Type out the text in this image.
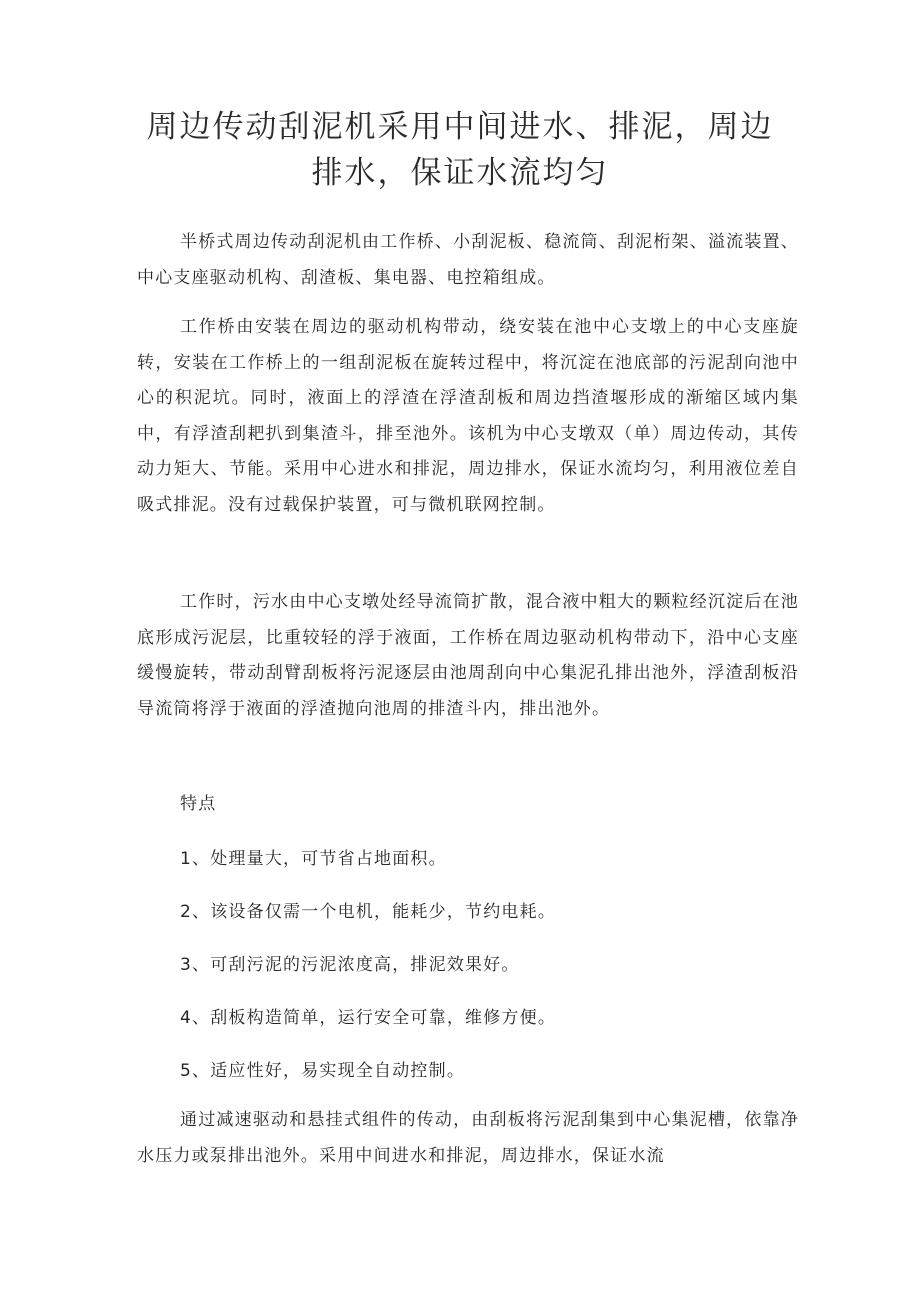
周边传动刮泥机采用中间进水、排泥，周边
排水，保证水流均匀

半桥式周边传动刮泥机由工作桥、小刮泥板、稳流筒、刮泥桁架、溢流装置、中心支座驱动机构、刮渣板、集电器、电控箱组成。

工作桥由安装在周边的驱动机构带动，绕安装在池中心支墩上的中心支座旋转，安装在工作桥上的一组刮泥板在旋转过程中，将沉淀在池底部的污泥刮向池中心的积泥坑。同时，液面上的浮渣在浮渣刮板和周边挡渣堰形成的渐缩区域内集中，有浮渣刮耙扒到集渣斗，排至池外。该机为中心支墩双（单）周边传动，其传动力矩大、节能。采用中心进水和排泥，周边排水，保证水流均匀，利用液位差自吸式排泥。没有过载保护装置，可与微机联网控制。

工作时，污水由中心支墩处经导流筒扩散，混合液中粗大的颗粒经沉淀后在池底形成污泥层，比重较轻的浮于液面，工作桥在周边驱动机构带动下，沿中心支座缓慢旋转，带动刮臂刮板将污泥逐层由池周刮向中心集泥孔排出池外，浮渣刮板沿导流筒将浮于液面的浮渣抛向池周的排渣斗内，排出池外。

特点

1、处理量大，可节省占地面积。

2、该设备仅需一个电机，能耗少，节约电耗。

3、可刮污泥的污泥浓度高，排泥效果好。

4、刮板构造简单，运行安全可靠，维修方便。

5、适应性好，易实现全自动控制。

通过减速驱动和悬挂式组件的传动，由刮板将污泥刮集到中心集泥槽，依靠净水压力或泵排出池外。采用中间进水和排泥，周边排水，保证水流
